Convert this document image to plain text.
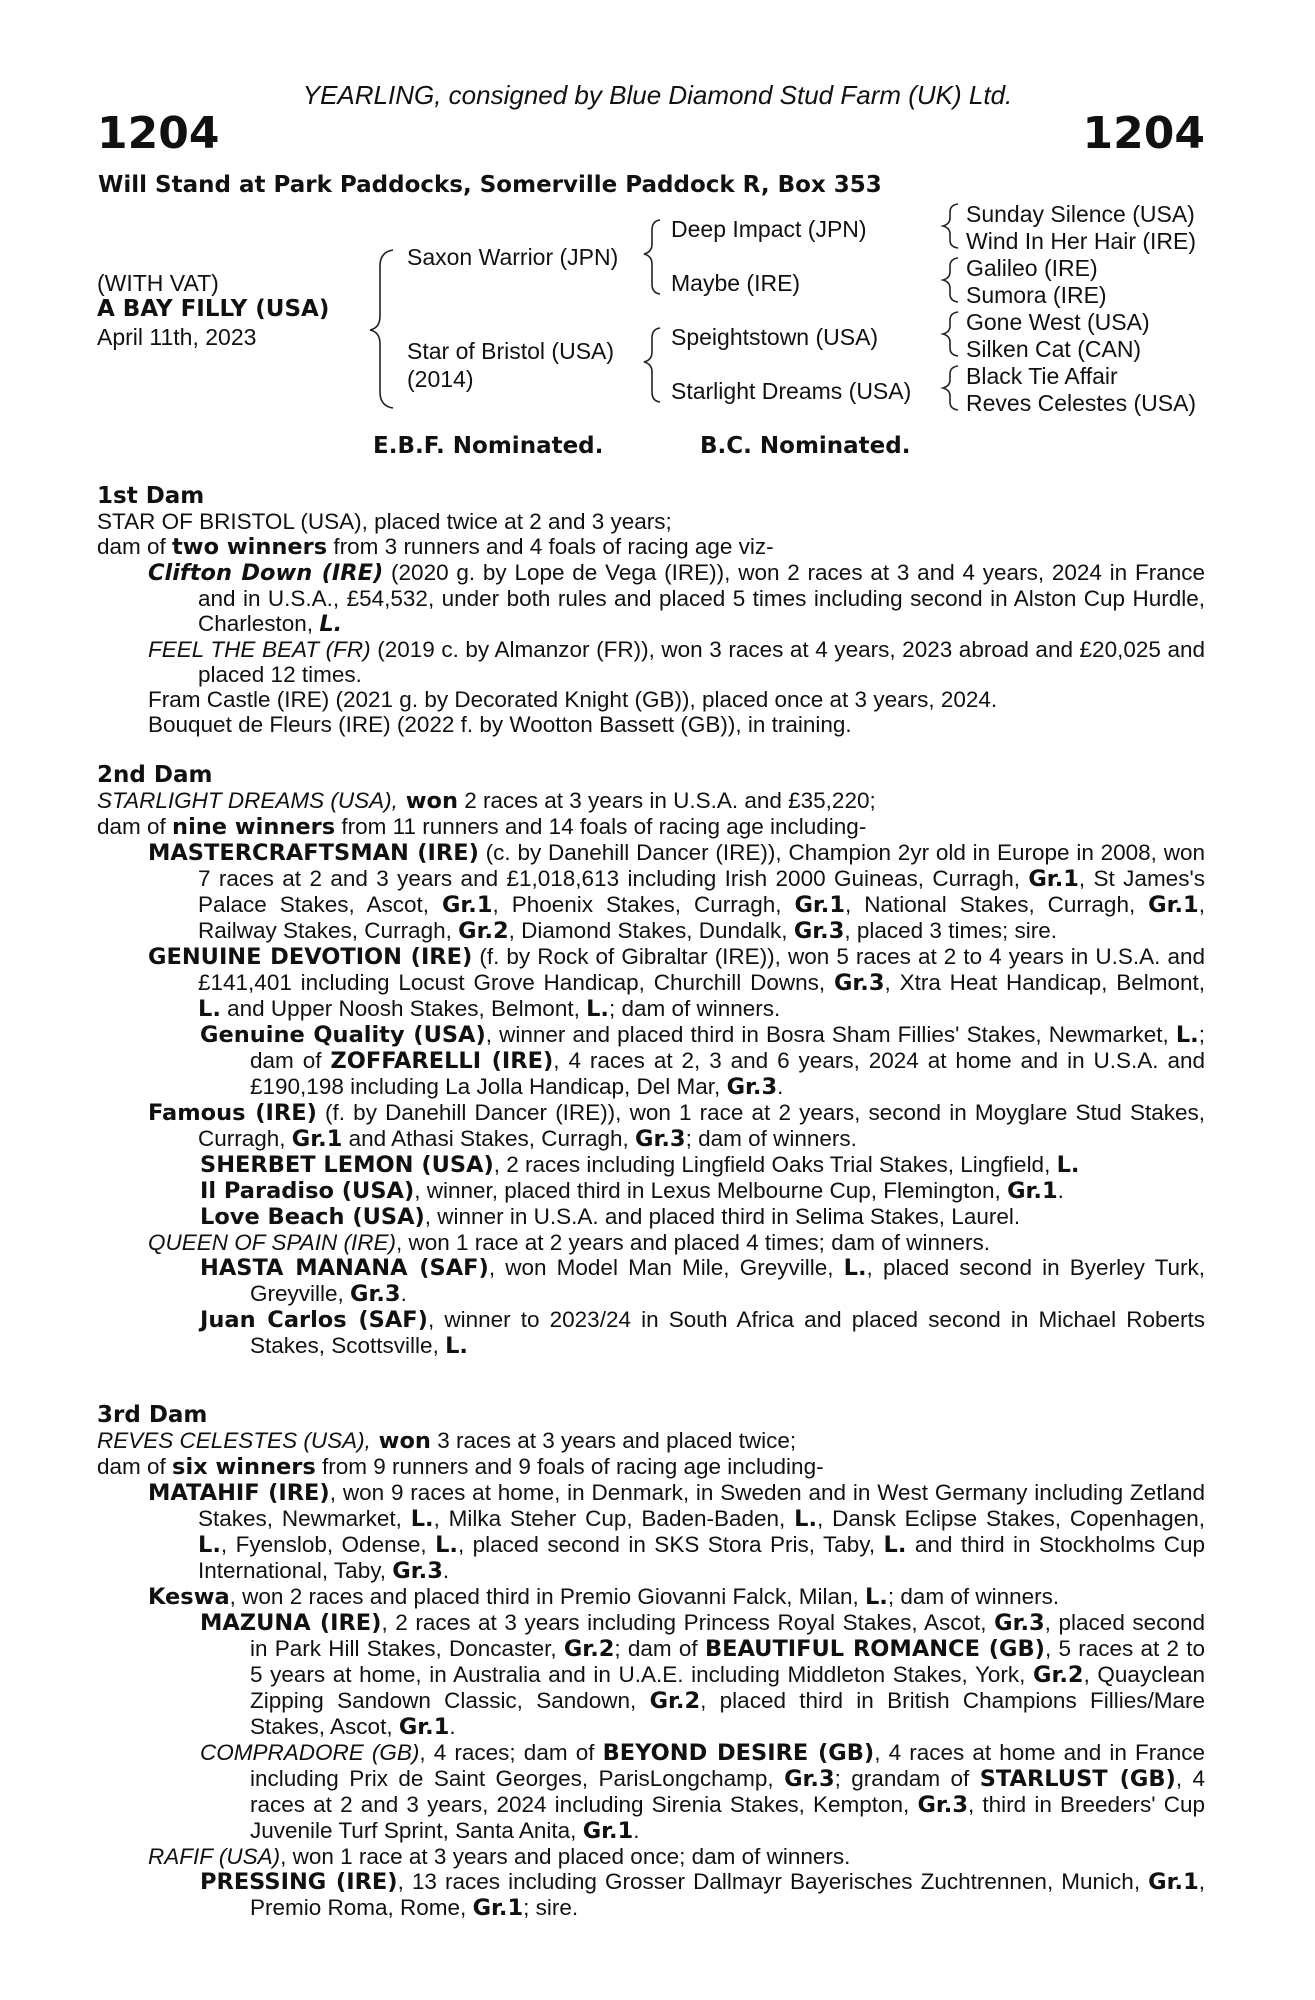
YEARLING, consigned by Blue Diamond Stud Farm (UK) Ltd.
1204	1204
Will Stand at Park Paddocks, Somerville Paddock R, Box 353
(WITH VAT)
A BAY FILLY (USA)
April 11th, 2023
Saxon Warrior (JPN)
Star of Bristol (USA)
(2014)
Deep Impact (JPN)
Maybe (IRE)
Speightstown (USA)
Starlight Dreams (USA)
Sunday Silence (USA)
Wind In Her Hair (IRE)
Galileo (IRE)
Sumora (IRE)
Gone West (USA)
Silken Cat (CAN)
Black Tie Affair
Reves Celestes (USA)
E.B.F. Nominated.	B.C. Nominated.

1st Dam

STAR OF BRISTOL (USA), placed twice at 2 and 3 years;

dam of two winners from 3 runners and 4 foals of racing age viz-

Clifton Down (IRE) (2020 g. by Lope de Vega (IRE)), won 2 races at 3 and 4 years, 2024 in France and in U.S.A., £54,532, under both rules and placed 5 times including second in Alston Cup Hurdle, Charleston, L.

FEEL THE BEAT (FR) (2019 c. by Almanzor (FR)), won 3 races at 4 years, 2023 abroad and £20,025 and placed 12 times.

Fram Castle (IRE) (2021 g. by Decorated Knight (GB)), placed once at 3 years, 2024.

Bouquet de Fleurs (IRE) (2022 f. by Wootton Bassett (GB)), in training.

2nd Dam

STARLIGHT DREAMS (USA), won 2 races at 3 years in U.S.A. and £35,220;

dam of nine winners from 11 runners and 14 foals of racing age including-

MASTERCRAFTSMAN (IRE) (c. by Danehill Dancer (IRE)), Champion 2yr old in Europe in 2008, won 7 races at 2 and 3 years and £1,018,613 including Irish 2000 Guineas, Curragh, Gr.1, St James's Palace Stakes, Ascot, Gr.1, Phoenix Stakes, Curragh, Gr.1, National Stakes, Curragh, Gr.1, Railway Stakes, Curragh, Gr.2, Diamond Stakes, Dundalk, Gr.3, placed 3 times; sire.

GENUINE DEVOTION (IRE) (f. by Rock of Gibraltar (IRE)), won 5 races at 2 to 4 years in U.S.A. and £141,401 including Locust Grove Handicap, Churchill Downs, Gr.3, Xtra Heat Handicap, Belmont, L. and Upper Noosh Stakes, Belmont, L.; dam of winners.

Genuine Quality (USA), winner and placed third in Bosra Sham Fillies' Stakes, Newmarket, L.; dam of ZOFFARELLI (IRE), 4 races at 2, 3 and 6 years, 2024 at home and in U.S.A. and £190,198 including La Jolla Handicap, Del Mar, Gr.3.

Famous (IRE) (f. by Danehill Dancer (IRE)), won 1 race at 2 years, second in Moyglare Stud Stakes, Curragh, Gr.1 and Athasi Stakes, Curragh, Gr.3; dam of winners.

SHERBET LEMON (USA), 2 races including Lingfield Oaks Trial Stakes, Lingfield, L.

Il Paradiso (USA), winner, placed third in Lexus Melbourne Cup, Flemington, Gr.1.

Love Beach (USA), winner in U.S.A. and placed third in Selima Stakes, Laurel.

QUEEN OF SPAIN (IRE), won 1 race at 2 years and placed 4 times; dam of winners.

HASTA MANANA (SAF), won Model Man Mile, Greyville, L., placed second in Byerley Turk, Greyville, Gr.3.

Juan Carlos (SAF), winner to 2023/24 in South Africa and placed second in Michael Roberts Stakes, Scottsville, L.

3rd Dam

REVES CELESTES (USA), won 3 races at 3 years and placed twice;

dam of six winners from 9 runners and 9 foals of racing age including-

MATAHIF (IRE), won 9 races at home, in Denmark, in Sweden and in West Germany including Zetland Stakes, Newmarket, L., Milka Steher Cup, Baden-Baden, L., Dansk Eclipse Stakes, Copenhagen, L., Fyenslob, Odense, L., placed second in SKS Stora Pris, Taby, L. and third in Stockholms Cup International, Taby, Gr.3.

Keswa, won 2 races and placed third in Premio Giovanni Falck, Milan, L.; dam of winners.

MAZUNA (IRE), 2 races at 3 years including Princess Royal Stakes, Ascot, Gr.3, placed second in Park Hill Stakes, Doncaster, Gr.2; dam of BEAUTIFUL ROMANCE (GB), 5 races at 2 to 5 years at home, in Australia and in U.A.E. including Middleton Stakes, York, Gr.2, Quayclean Zipping Sandown Classic, Sandown, Gr.2, placed third in British Champions Fillies/Mare Stakes, Ascot, Gr.1.

COMPRADORE (GB), 4 races; dam of BEYOND DESIRE (GB), 4 races at home and in France including Prix de Saint Georges, ParisLongchamp, Gr.3; grandam of STARLUST (GB), 4 races at 2 and 3 years, 2024 including Sirenia Stakes, Kempton, Gr.3, third in Breeders' Cup Juvenile Turf Sprint, Santa Anita, Gr.1.

RAFIF (USA), won 1 race at 3 years and placed once; dam of winners.

PRESSING (IRE), 13 races including Grosser Dallmayr Bayerisches Zuchtrennen, Munich, Gr.1, Premio Roma, Rome, Gr.1; sire.
